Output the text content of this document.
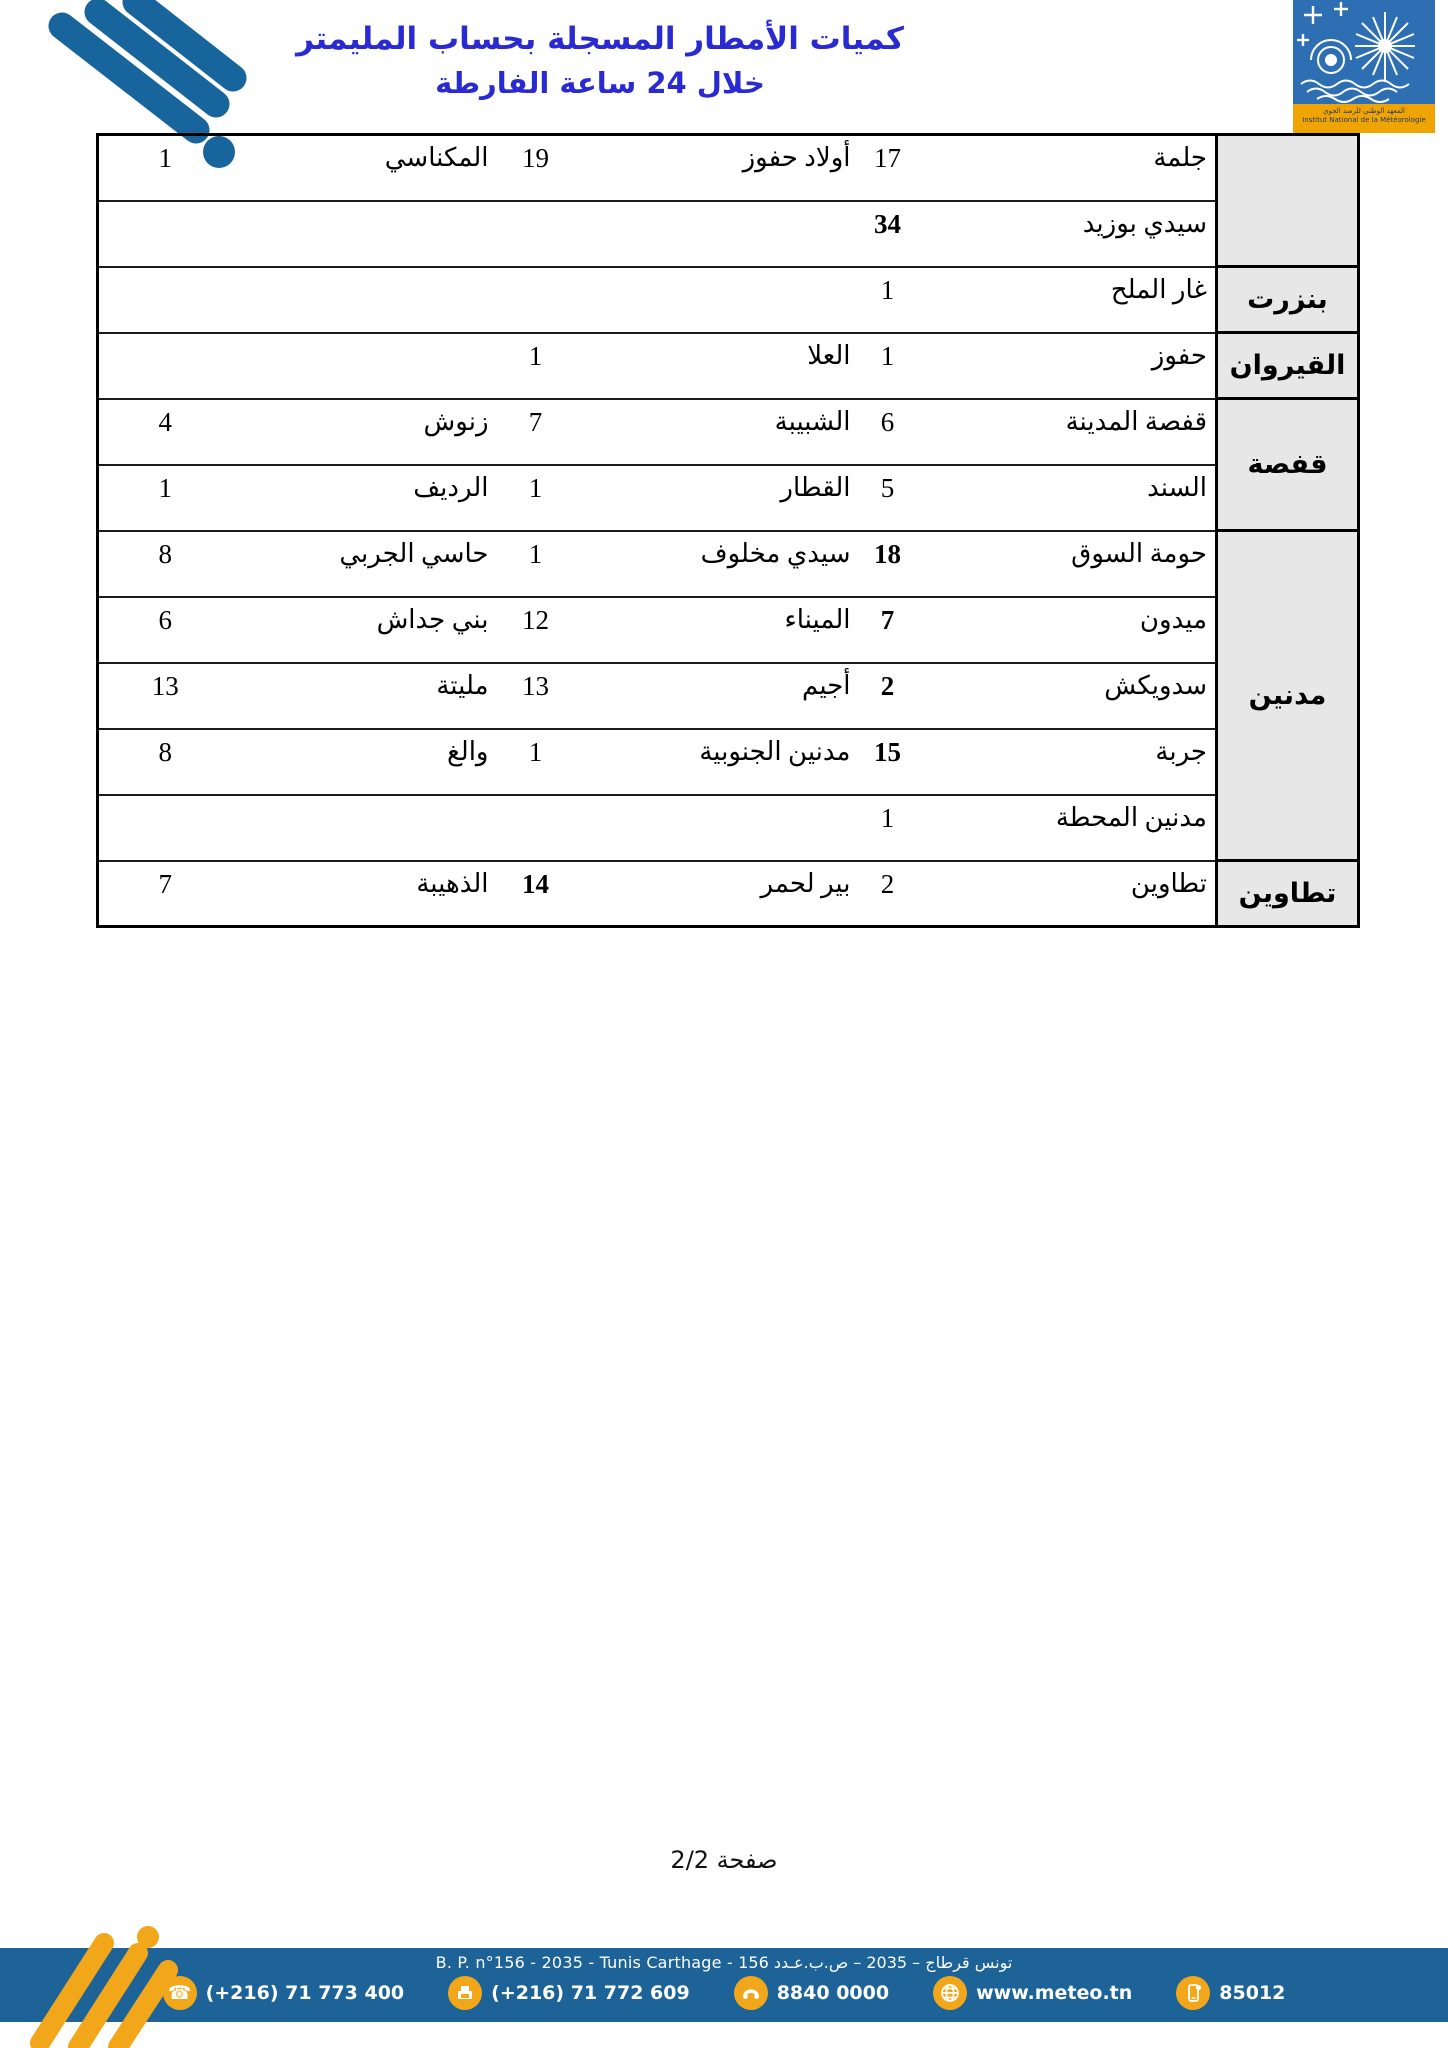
كميات الأمطار المسجلة بحساب المليمتر
خلال 24 ساعة الفارطة
المعهد الوطني للرصد الجوي
Institut National de la Météorologie
	جلمة	17	أولاد حفوز	19	المكناسي	1
	سيدي بوزيد	34				
بنزرت	غار الملح	1				
القيروان	حفوز	1	العلا	1		
قفصة	قفصة المدينة	6	الشبيبة	7	زنوش	4
	السند	5	القطار	1	الرديف	1
مدنين	حومة السوق	18	سيدي مخلوف	1	حاسي الجربي	8
	ميدون	7	الميناء	12	بني جداش	6
	سدويكش	2	أجيم	13	مليتة	13
	جربة	15	مدنين الجنوبية	1	والغ	8
	مدنين المحطة	1				
تطاوين	تطاوين	2	بير لحمر	14	الذهيبة	7
صفحة 2/2
B. P. n°156 - 2035 - Tunis Carthage - تونس قرطاج – 2035 – ص.ب.عـدد 156
☎ (+216) 71 773 400	(+216) 71 772 609	8840 0000	www.meteo.tn	85012
